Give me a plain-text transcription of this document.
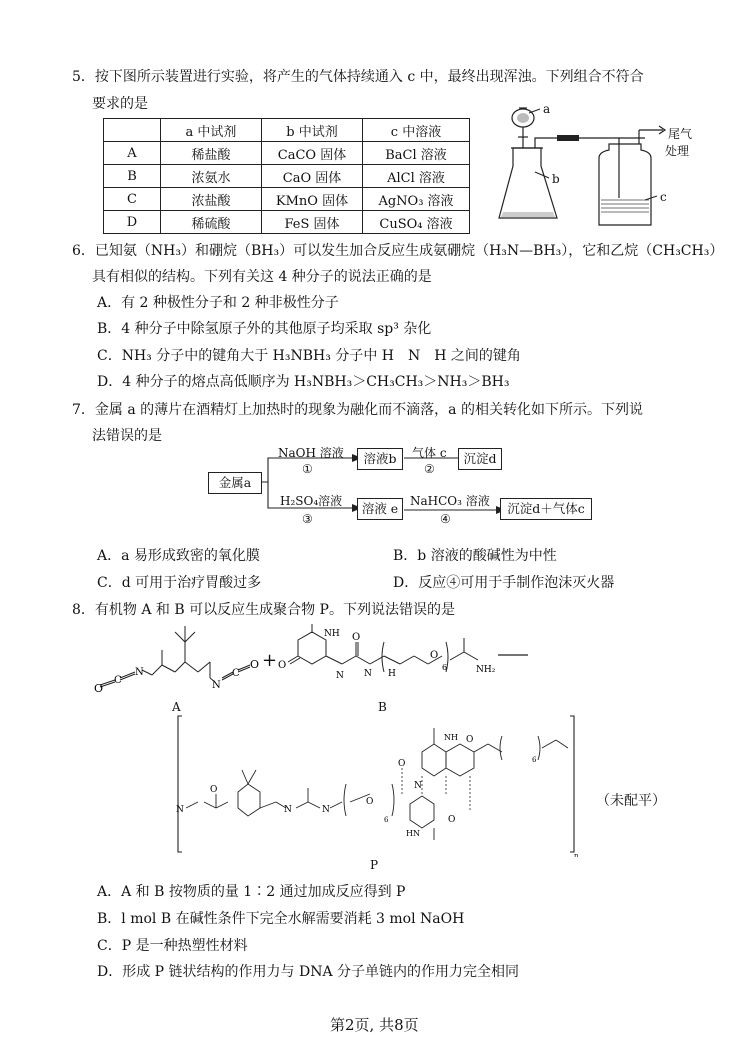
5．按下图所示装置进行实验，将产生的气体持续通入 c 中，最终出现浑浊。下列组合不符合
要求的是
	a 中试剂	b 中试剂	c 中溶液
A	稀盐酸	CaCO 固体	BaCl 溶液
B	浓氨水	CaO 固体	AlCl 溶液
C	浓盐酸	KMnO 固体	AgNO₃ 溶液
D	稀硫酸	FeS 固体	CuSO₄ 溶液
a
b
c
尾气
处理
6．已知氨（NH₃）和硼烷（BH₃）可以发生加合反应生成氨硼烷（H₃N—BH₃），它和乙烷（CH₃CH₃）
具有相似的结构。下列有关这 4 种分子的说法正确的是
A．有 2 种极性分子和 2 种非极性分子
B．4 种分子中除氢原子外的其他原子均采取 sp³ 杂化
C．NH₃ 分子中的键角大于 H₃NBH₃ 分子中 H　N　H 之间的键角
D．4 种分子的熔点高低顺序为 H₃NBH₃＞CH₃CH₃＞NH₃＞BH₃
7．金属 a 的薄片在酒精灯上加热时的现象为融化而不滴落，a 的相关转化如下所示。下列说
法错误的是
金属a
NaOH 溶液
①
溶液b	气体 c
②
沉淀d
H₂SO₄溶液
③
溶液 e NaHCO₃ 溶液
④
沉淀d＋气体c
A．a 易形成致密的氧化膜	B．b 溶液的酸碱性为中性
C．d 可用于治疗胃酸过多	D．反应④可用于手制作泡沫灭火器
8．有机物 A 和 B 可以反应生成聚合物 P。下列说法错误的是
O
C
N
N
C
O + O
NH
N
O
N H
O
6	NH₂
A	B
N
O
N	N
O
6
O
N
NH O
HN
O
6
n
（未配平）
P
A．A 和 B 按物质的量 1∶2 通过加成反应得到 P
B．l mol B 在碱性条件下完全水解需要消耗 3 mol NaOH
C．P 是一种热塑性材料
D．形成 P 链状结构的作用力与 DNA 分子单链内的作用力完全相同
第2页, 共8页
